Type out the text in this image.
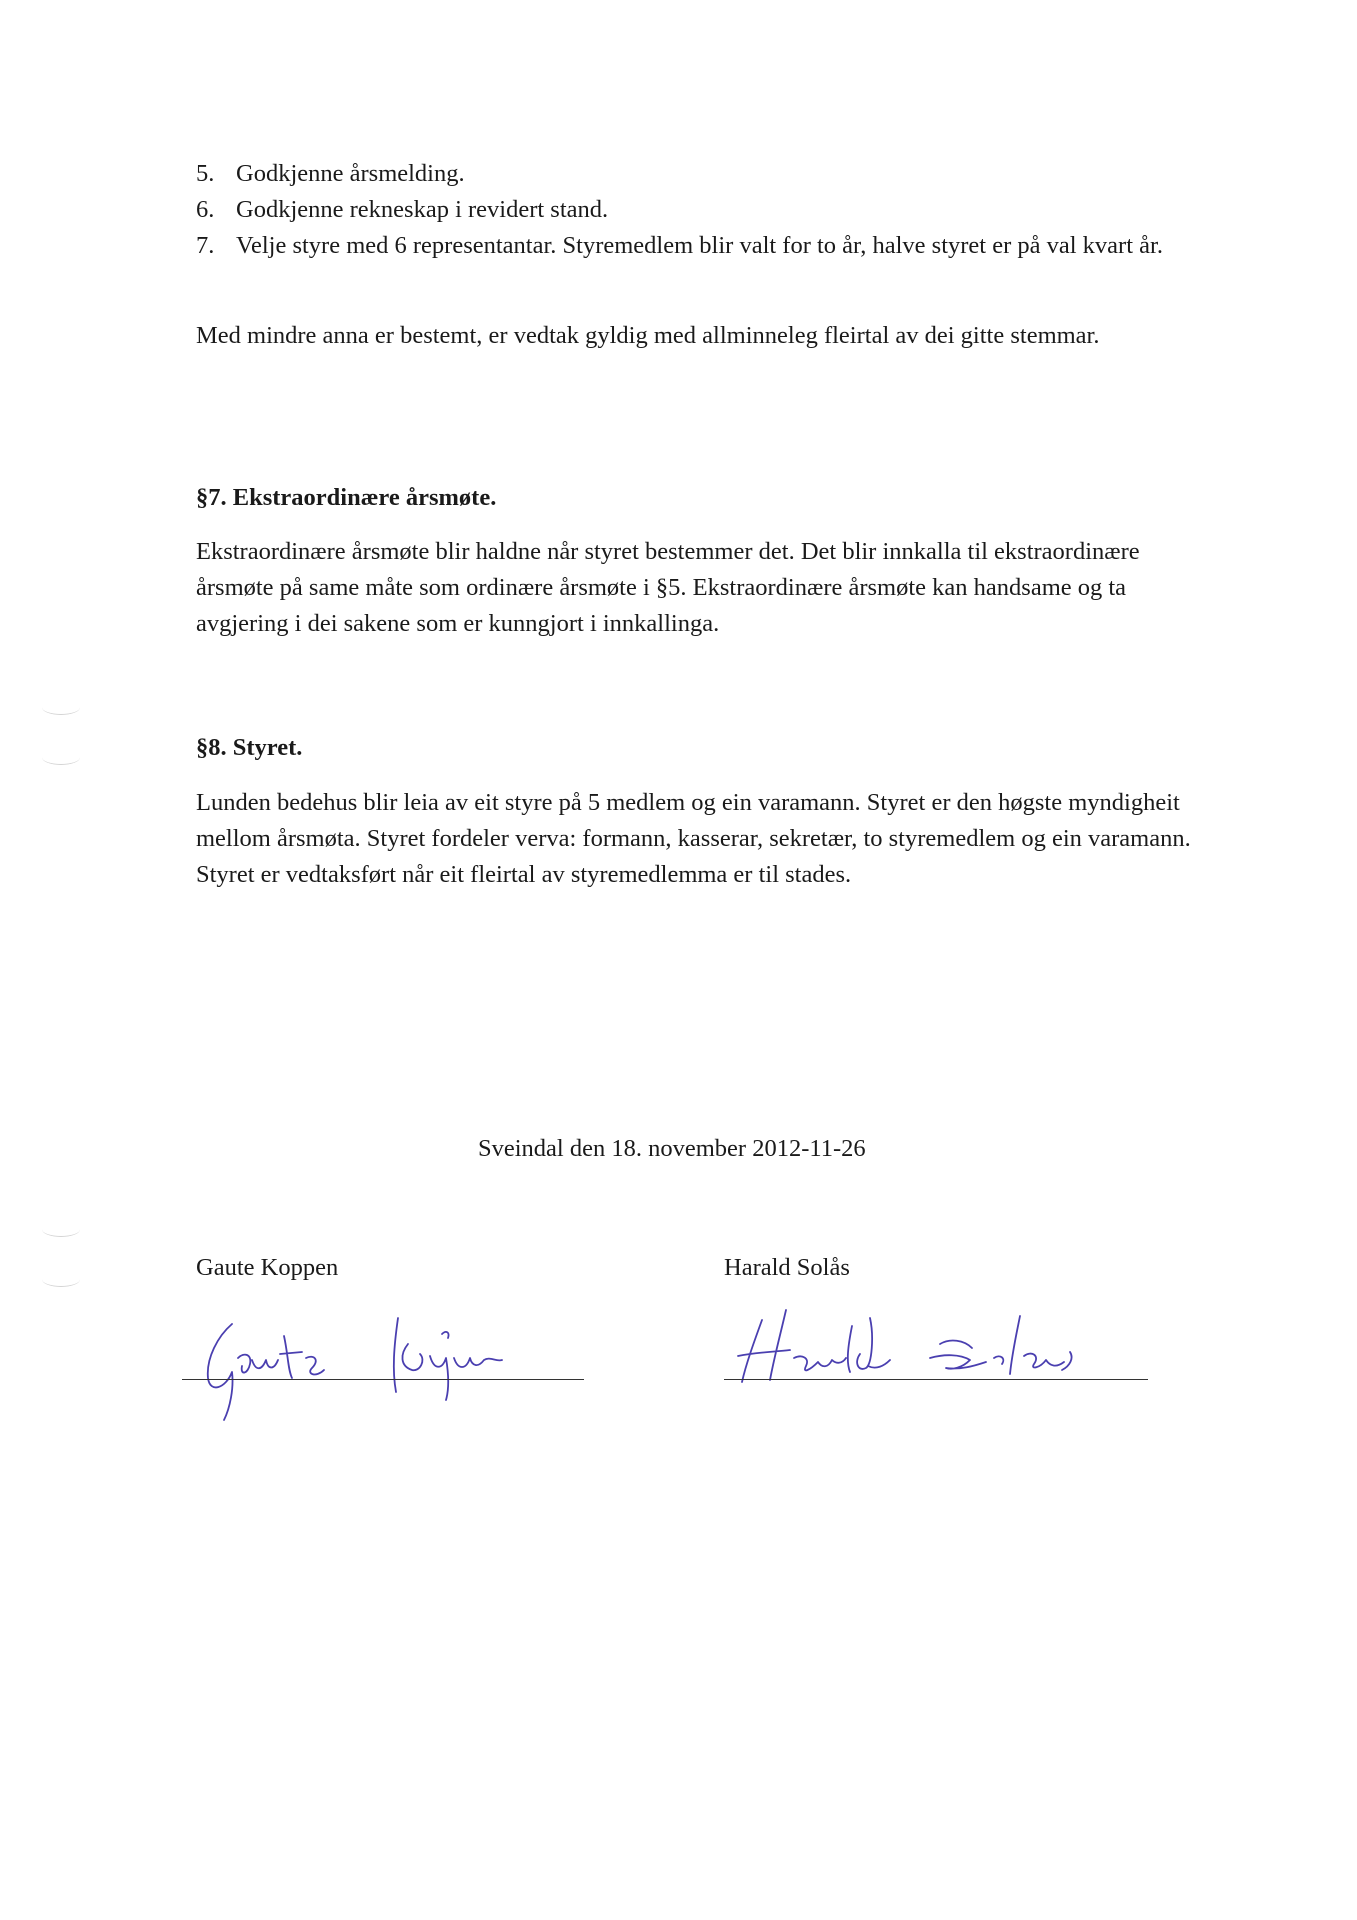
5. Godkjenne årsmelding.
6. Godkjenne rekneskap i revidert stand.
7. Velje styre med 6 representantar. Styremedlem blir valt for to år, halve styret er på val kvart år.

Med mindre anna er bestemt, er vedtak gyldig med allminneleg fleirtal av dei gitte stemmar.

§7. Ekstraordinære årsmøte.

Ekstraordinære årsmøte blir haldne når styret bestemmer det. Det blir innkalla til ekstraordinære årsmøte på same måte som ordinære årsmøte i §5. Ekstraordinære årsmøte kan handsame og ta avgjering i dei sakene som er kunngjort i innkallinga.

§8. Styret.

Lunden bedehus blir leia av eit styre på 5 medlem og ein varamann. Styret er den høgste myndigheit mellom årsmøta. Styret fordeler verva: formann, kasserar, sekretær, to styremedlem og ein varamann. Styret er vedtaksført når eit fleirtal av styremedlemma er til stades.

Sveindal den 18. november 2012-11-26

Gaute Koppen	Harald Solås
